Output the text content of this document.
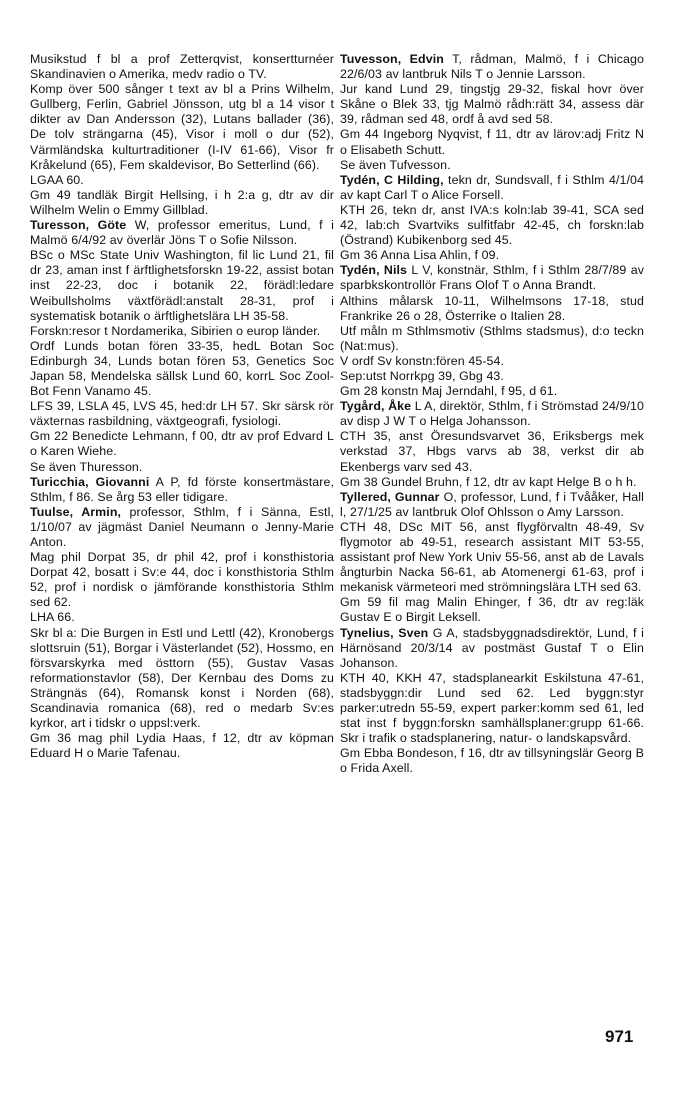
Musikstud f bl a prof Zetterqvist, konsertturnéer Skandinavien o Amerika, medv radio o TV.

Komp över 500 sånger t text av bl a Prins Wilhelm, Gullberg, Ferlin, Gabriel Jönsson, utg bl a 14 visor t dikter av Dan Andersson (32), Lutans ballader (36), De tolv strängarna (45), Visor i moll o dur (52), Värmländska kulturtraditioner (I-IV 61-66), Visor fr Kråkelund (65), Fem skaldevisor, Bo Setterlind (66).

LGAA 60.

Gm 49 tandläk Birgit Hellsing, i h 2:a g, dtr av dir Wilhelm Welin o Emmy Gillblad.

Turesson, Göte W, professor emeritus, Lund, f i Malmö 6/4/92 av överlär Jöns T o Sofie Nilsson.

BSc o MSc State Univ Washington, fil lic Lund 21, fil dr 23, aman inst f ärftlighetsforskn 19-22, assist botan inst 22-23, doc i botanik 22, förädl:ledare Weibullsholms växtförädl:anstalt 28-31, prof i systematisk botanik o ärftlighetslära LH 35-58.

Forskn:resor t Nordamerika, Sibirien o europ länder.

Ordf Lunds botan fören 33-35, hedL Botan Soc Edinburgh 34, Lunds botan fören 53, Genetics Soc Japan 58, Mendelska sällsk Lund 60, korrL Soc Zool-Bot Fenn Vanamo 45.

LFS 39, LSLA 45, LVS 45, hed:dr LH 57. Skr särsk rör växternas rasbildning, växtgeografi, fysiologi.

Gm 22 Benedicte Lehmann, f 00, dtr av prof Edvard L o Karen Wiehe.

Se även Thuresson.

Turicchia, Giovanni A P, fd förste konsertmästare, Sthlm, f 86. Se årg 53 eller tidigare.

Tuulse, Armin, professor, Sthlm, f i Sänna, Estl, 1/10/07 av jägmäst Daniel Neumann o Jenny-Marie Anton.

Mag phil Dorpat 35, dr phil 42, prof i konsthistoria Dorpat 42, bosatt i Sv:e 44, doc i konsthistoria Sthlm 52, prof i nordisk o jämförande konsthistoria Sthlm sed 62.

LHA 66.

Skr bl a: Die Burgen in Estl und Lettl (42), Kronobergs slottsruin (51), Borgar i Västerlandet (52), Hossmo, en försvarskyrka med östtorn (55), Gustav Vasas reformationstavlor (58), Der Kernbau des Doms zu Strängnäs (64), Romansk konst i Norden (68), Scandinavia romanica (68), red o medarb Sv:es kyrkor, art i tidskr o uppsl:verk.

Gm 36 mag phil Lydia Haas, f 12, dtr av köpman Eduard H o Marie Tafenau.

Tuvesson, Edvin T, rådman, Malmö, f i Chicago 22/6/03 av lantbruk Nils T o Jennie Larsson.

Jur kand Lund 29, tingstjg 29-32, fiskal hovr över Skåne o Blek 33, tjg Malmö rådh:rätt 34, assess där 39, rådman sed 48, ordf å avd sed 58.

Gm 44 Ingeborg Nyqvist, f 11, dtr av lärov:adj Fritz N o Elisabeth Schutt.

Se även Tufvesson.

Tydén, C Hilding, tekn dr, Sundsvall, f i Sthlm 4/1/04 av kapt Carl T o Alice Forsell.

KTH 26, tekn dr, anst IVA:s koln:lab 39-41, SCA sed 42, lab:ch Svartviks sulfitfabr 42-45, ch forskn:lab (Östrand) Kubikenborg sed 45.

Gm 36 Anna Lisa Ahlin, f 09.

Tydén, Nils L V, konstnär, Sthlm, f i Sthlm 28/7/89 av sparbkskontrollör Frans Olof T o Anna Brandt.

Althins målarsk 10-11, Wilhelmsons 17-18, stud Frankrike 26 o 28, Österrike o Italien 28.

Utf måln m Sthlmsmotiv (Sthlms stadsmus), d:o teckn (Nat:mus).

V ordf Sv konstn:fören 45-54.

Sep:utst Norrkpg 39, Gbg 43.

Gm 28 konstn Maj Jerndahl, f 95, d 61.

Tygård, Åke L A, direktör, Sthlm, f i Strömstad 24/9/10 av disp J W T o Helga Johansson.

CTH 35, anst Öresundsvarvet 36, Eriksbergs mek verkstad 37, Hbgs varvs ab 38, verkst dir ab Ekenbergs varv sed 43.

Gm 38 Gundel Bruhn, f 12, dtr av kapt Helge B o h h.

Tyllered, Gunnar O, professor, Lund, f i Tvååker, Hall l, 27/1/25 av lantbruk Olof Ohlsson o Amy Larsson.

CTH 48, DSc MIT 56, anst flygförvaltn 48-49, Sv flygmotor ab 49-51, research assistant MIT 53-55, assistant prof New York Univ 55-56, anst ab de Lavals ångturbin Nacka 56-61, ab Atomenergi 61-63, prof i mekanisk värmeteori med strömningslära LTH sed 63.

Gm 59 fil mag Malin Ehinger, f 36, dtr av reg:läk Gustav E o Birgit Leksell.

Tynelius, Sven G A, stadsbyggnadsdirektör, Lund, f i Härnösand 20/3/14 av postmäst Gustaf T o Elin Johanson.

KTH 40, KKH 47, stadsplanearkit Eskilstuna 47-61, stadsbyggn:dir Lund sed 62. Led byggn:styr parker:utredn 55-59, expert parker:komm sed 61, led stat inst f byggn:forskn samhällsplaner:grupp 61-66. Skr i trafik o stadsplanering, natur- o landskapsvård.

Gm Ebba Bondeson, f 16, dtr av tillsyningslär Georg B o Frida Axell.

971
